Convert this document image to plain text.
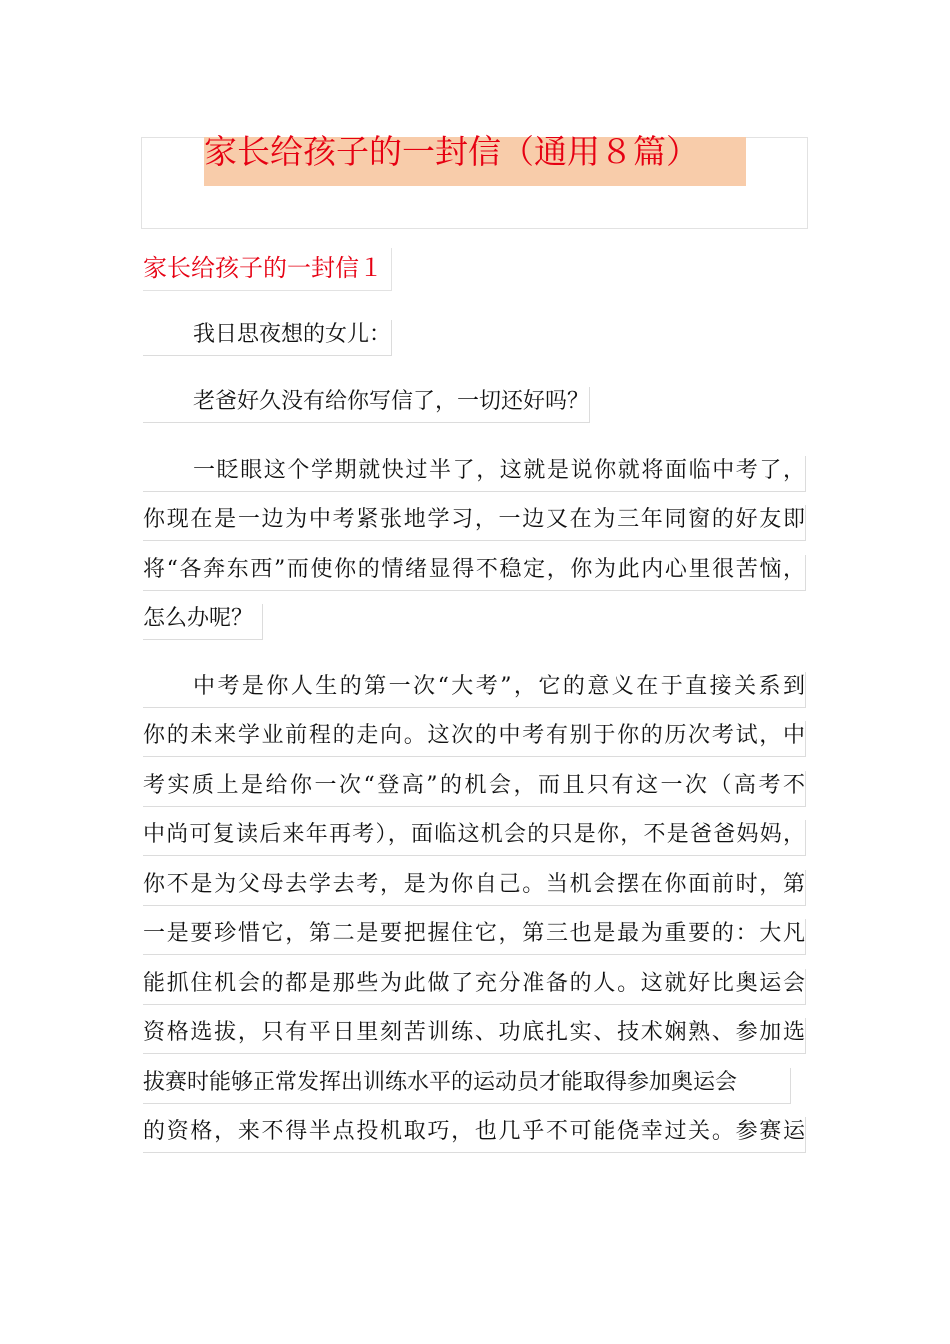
家长给孩子的一封信（通用８篇）
家长给孩子的一封信１
我日思夜想的女儿：
老爸好久没有给你写信了，一切还好吗？
一眨眼这个学期就快过半了，这就是说你就将面临中考了，
你现在是一边为中考紧张地学习，一边又在为三年同窗的好友即
将“各奔东西”而使你的情绪显得不稳定，你为此内心里很苦恼，
怎么办呢？
中考是你人生的第一次“大考”，它的意义在于直接关系到
你的未来学业前程的走向。这次的中考有别于你的历次考试，中
考实质上是给你一次“登高”的机会，而且只有这一次（高考不
中尚可复读后来年再考），面临这机会的只是你，不是爸爸妈妈，
你不是为父母去学去考，是为你自己。当机会摆在你面前时，第
一是要珍惜它，第二是要把握住它，第三也是最为重要的：大凡
能抓住机会的都是那些为此做了充分准备的人。这就好比奥运会
资格选拔，只有平日里刻苦训练、功底扎实、技术娴熟、参加选
拔赛时能够正常发挥出训练水平的运动员才能取得参加奥运会
的资格，来不得半点投机取巧，也几乎不可能侥幸过关。参赛运
